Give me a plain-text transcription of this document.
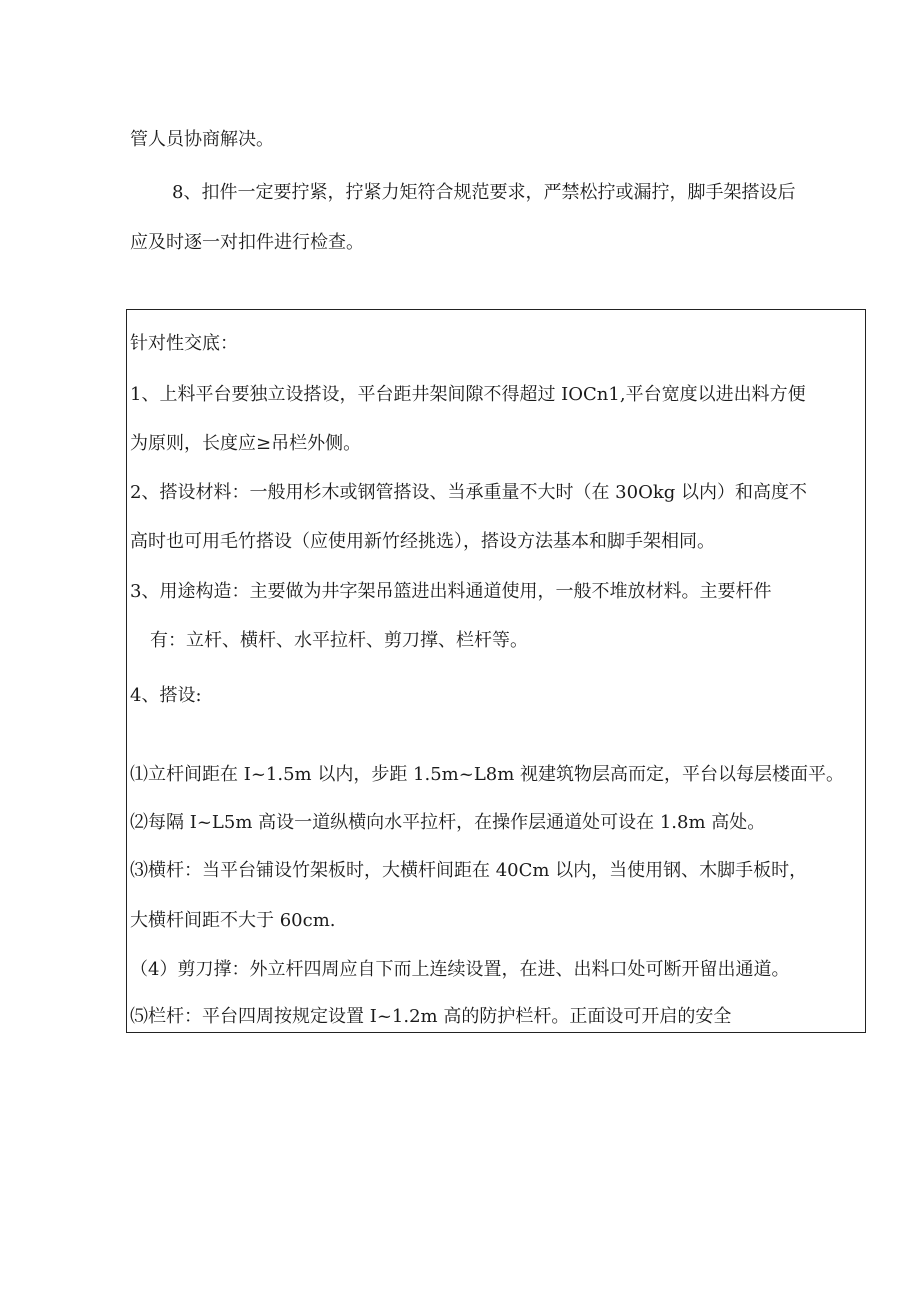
管人员协商解决。

8、扣件一定要拧紧，拧紧力矩符合规范要求，严禁松拧或漏拧，脚手架搭设后

应及时逐一对扣件进行检查。

针对性交底：

1、上料平台要独立设搭设，平台距井架间隙不得超过 IOCn1,平台宽度以进出料方便

为原则，长度应≥吊栏外侧。

2、搭设材料：一般用杉木或钢管搭设、当承重量不大时（在 30Okg 以内）和高度不

高时也可用毛竹搭设（应使用新竹经挑选），搭设方法基本和脚手架相同。

3、用途构造：主要做为井字架吊篮进出料通道使用，一般不堆放材料。主要杆件

有：立杆、横杆、水平拉杆、剪刀撑、栏杆等。

4、搭设:

⑴立杆间距在 I~1.5m 以内，步距 1.5m~L8m 视建筑物层高而定，平台以每层楼面平。

⑵每隔 I~L5m 高设一道纵横向水平拉杆，在操作层通道处可设在 1.8m 高处。

⑶横杆：当平台铺设竹架板时，大横杆间距在 40Cm 以内，当使用钢、木脚手板时，

大横杆间距不大于 60cm.

（4）剪刀撑：外立杆四周应自下而上连续设置，在进、出料口处可断开留出通道。

⑸栏杆：平台四周按规定设置 I~1.2m 高的防护栏杆。正面设可开启的安全
